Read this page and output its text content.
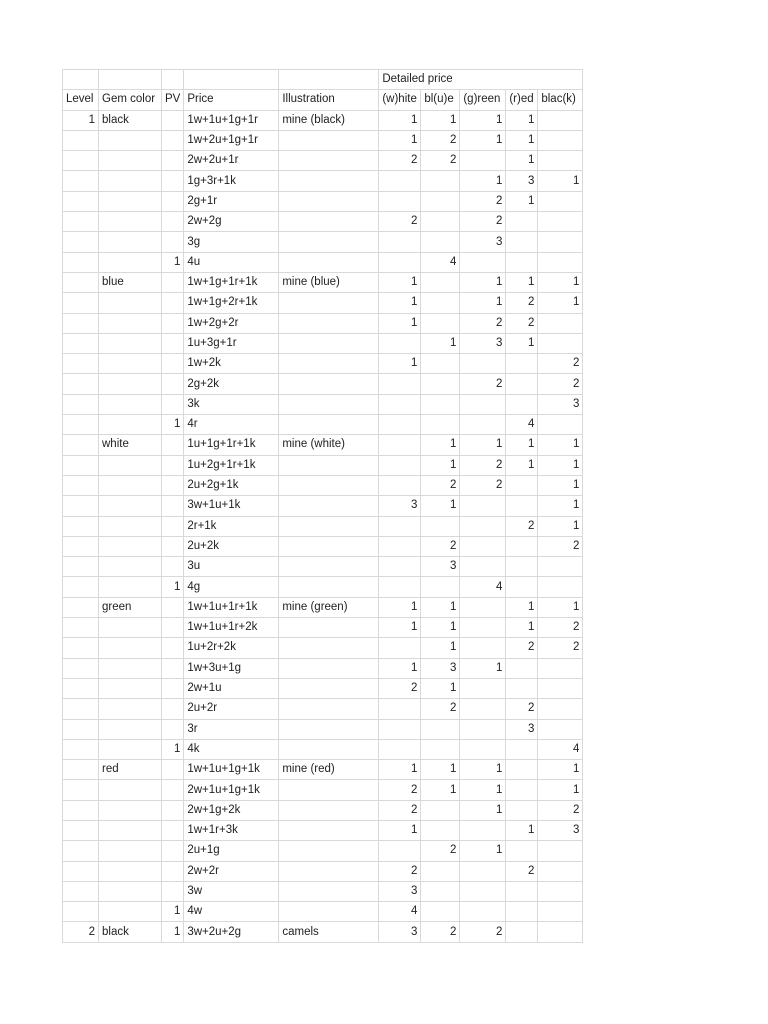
					Detailed price				
Level	Gem color	PV	Price	Illustration	(w)hite	bl(u)e	(g)reen	(r)ed	blac(k)
1	black		1w+1u+1g+1r	mine (black)	1	1	1	1	
			1w+2u+1g+1r		1	2	1	1	
			2w+2u+1r		2	2		1	
			1g+3r+1k				1	3	1
			2g+1r				2	1	
			2w+2g		2		2		
			3g				3		
		1	4u			4			
	blue		1w+1g+1r+1k	mine (blue)	1		1	1	1
			1w+1g+2r+1k		1		1	2	1
			1w+2g+2r		1		2	2	
			1u+3g+1r			1	3	1	
			1w+2k		1				2
			2g+2k				2		2
			3k						3
		1	4r					4	
	white		1u+1g+1r+1k	mine (white)		1	1	1	1
			1u+2g+1r+1k			1	2	1	1
			2u+2g+1k			2	2		1
			3w+1u+1k		3	1			1
			2r+1k					2	1
			2u+2k			2			2
			3u			3			
		1	4g				4		
	green		1w+1u+1r+1k	mine (green)	1	1		1	1
			1w+1u+1r+2k		1	1		1	2
			1u+2r+2k			1		2	2
			1w+3u+1g		1	3	1		
			2w+1u		2	1			
			2u+2r			2		2	
			3r					3	
		1	4k						4
	red		1w+1u+1g+1k	mine (red)	1	1	1		1
			2w+1u+1g+1k		2	1	1		1
			2w+1g+2k		2		1		2
			1w+1r+3k		1			1	3
			2u+1g			2	1		
			2w+2r		2			2	
			3w		3				
		1	4w		4				
2	black	1	3w+2u+2g	camels	3	2	2		
